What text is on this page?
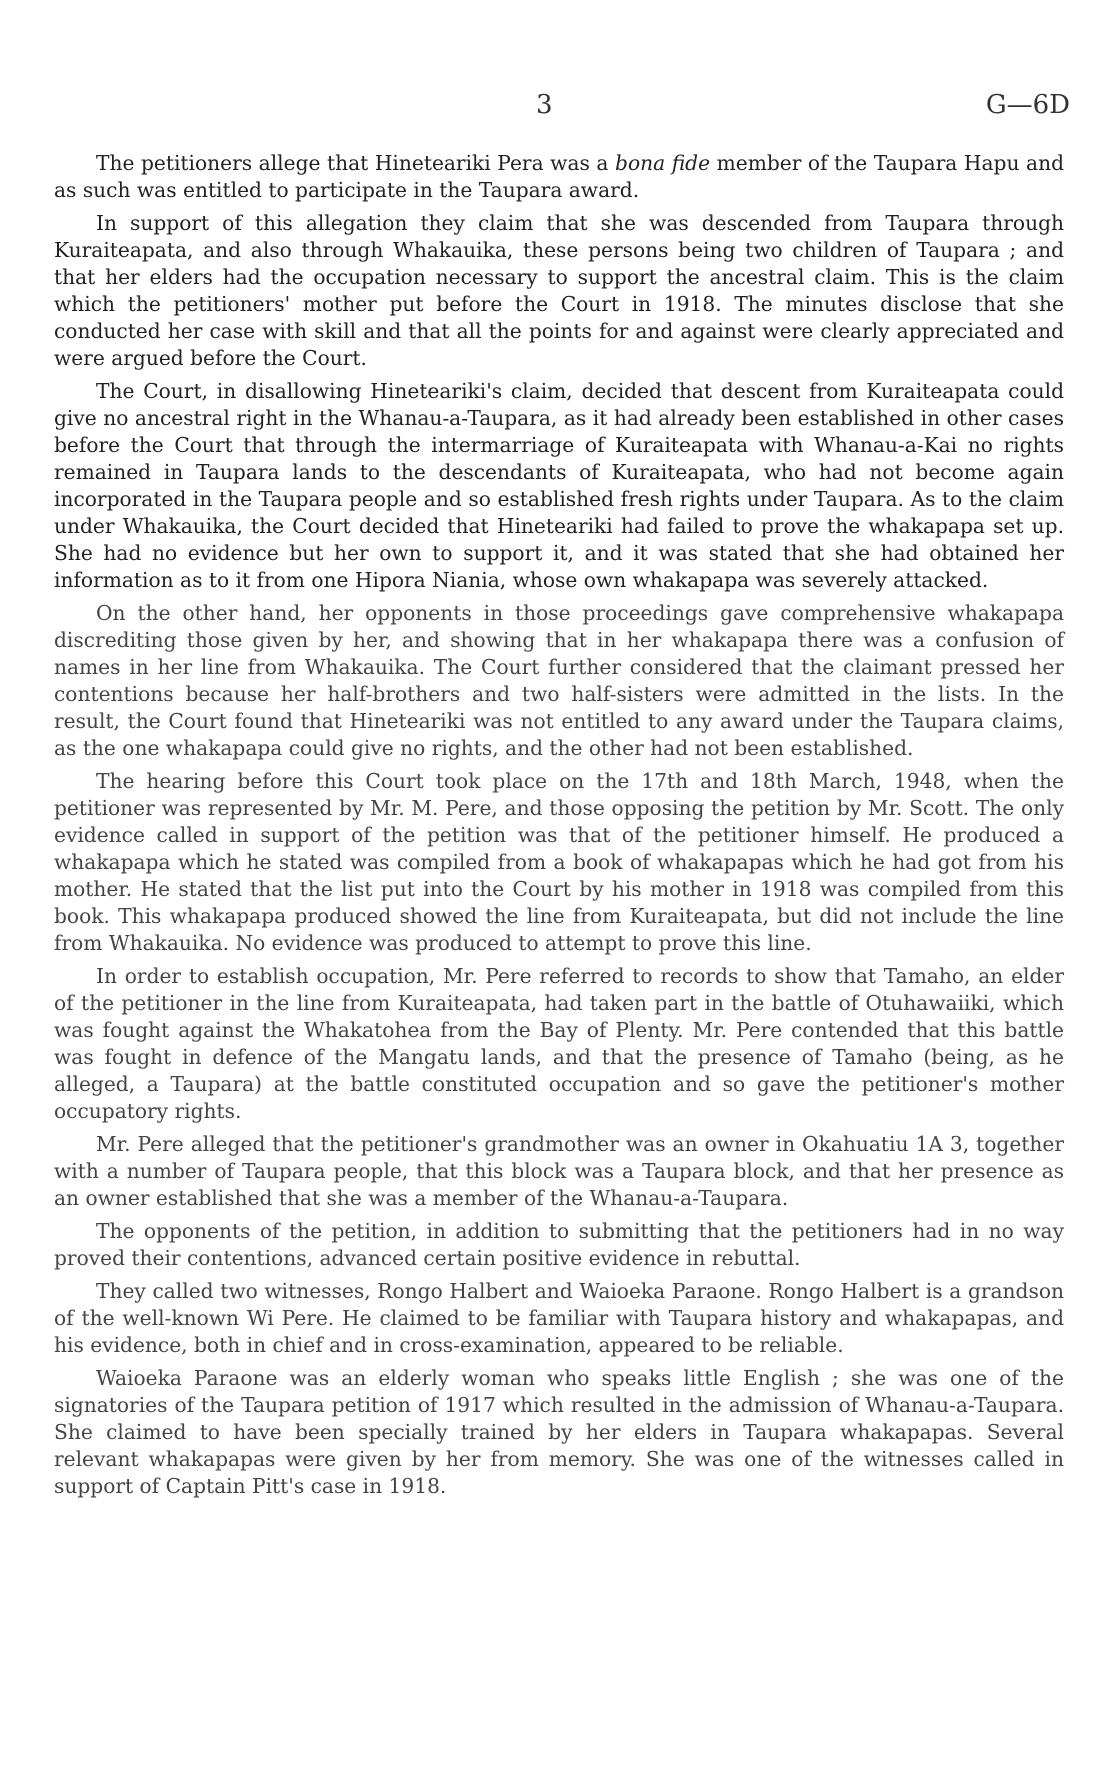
3	G—6D

The petitioners allege that Hineteariki Pera was a bona fide member of the Taupara Hapu and as such was entitled to participate in the Taupara award.

In support of this allegation they claim that she was descended from Taupara through Kuraiteapata, and also through Whakauika, these persons being two children of Taupara ; and that her elders had the occupation necessary to support the ancestral claim. This is the claim which the petitioners' mother put before the Court in 1918. The minutes disclose that she conducted her case with skill and that all the points for and against were clearly appreciated and were argued before the Court.

The Court, in disallowing Hineteariki's claim, decided that descent from Kuraiteapata could give no ancestral right in the Whanau-a-Taupara, as it had already been established in other cases before the Court that through the intermarriage of Kuraiteapata with Whanau-a-Kai no rights remained in Taupara lands to the descendants of Kuraiteapata, who had not become again incorporated in the Taupara people and so established fresh rights under Taupara. As to the claim under Whakauika, the Court decided that Hineteariki had failed to prove the whakapapa set up. She had no evidence but her own to support it, and it was stated that she had obtained her information as to it from one Hipora Niania, whose own whakapapa was severely attacked.

On the other hand, her opponents in those proceedings gave comprehensive whakapapa discrediting those given by her, and showing that in her whakapapa there was a confusion of names in her line from Whakauika. The Court further considered that the claimant pressed her contentions because her half-brothers and two half-sisters were admitted in the lists. In the result, the Court found that Hineteariki was not entitled to any award under the Taupara claims, as the one whakapapa could give no rights, and the other had not been established.

The hearing before this Court took place on the 17th and 18th March, 1948, when the petitioner was represented by Mr. M. Pere, and those opposing the petition by Mr. Scott. The only evidence called in support of the petition was that of the petitioner himself. He produced a whakapapa which he stated was compiled from a book of whakapapas which he had got from his mother. He stated that the list put into the Court by his mother in 1918 was compiled from this book. This whakapapa produced showed the line from Kuraiteapata, but did not include the line from Whakauika. No evidence was produced to attempt to prove this line.

In order to establish occupation, Mr. Pere referred to records to show that Tamaho, an elder of the petitioner in the line from Kuraiteapata, had taken part in the battle of Otuhawaiiki, which was fought against the Whakatohea from the Bay of Plenty. Mr. Pere contended that this battle was fought in defence of the Mangatu lands, and that the presence of Tamaho (being, as he alleged, a Taupara) at the battle constituted occupation and so gave the petitioner's mother occupatory rights.

Mr. Pere alleged that the petitioner's grandmother was an owner in Okahuatiu 1A 3, together with a number of Taupara people, that this block was a Taupara block, and that her presence as an owner established that she was a member of the Whanau-a-Taupara.

The opponents of the petition, in addition to submitting that the petitioners had in no way proved their contentions, advanced certain positive evidence in rebuttal.

They called two witnesses, Rongo Halbert and Waioeka Paraone. Rongo Halbert is a grandson of the well-known Wi Pere. He claimed to be familiar with Taupara history and whakapapas, and his evidence, both in chief and in cross-examination, appeared to be reliable.

Waioeka Paraone was an elderly woman who speaks little English ; she was one of the signatories of the Taupara petition of 1917 which resulted in the admission of Whanau-a-Taupara. She claimed to have been specially trained by her elders in Taupara whakapapas. Several relevant whakapapas were given by her from memory. She was one of the witnesses called in support of Captain Pitt's case in 1918.
